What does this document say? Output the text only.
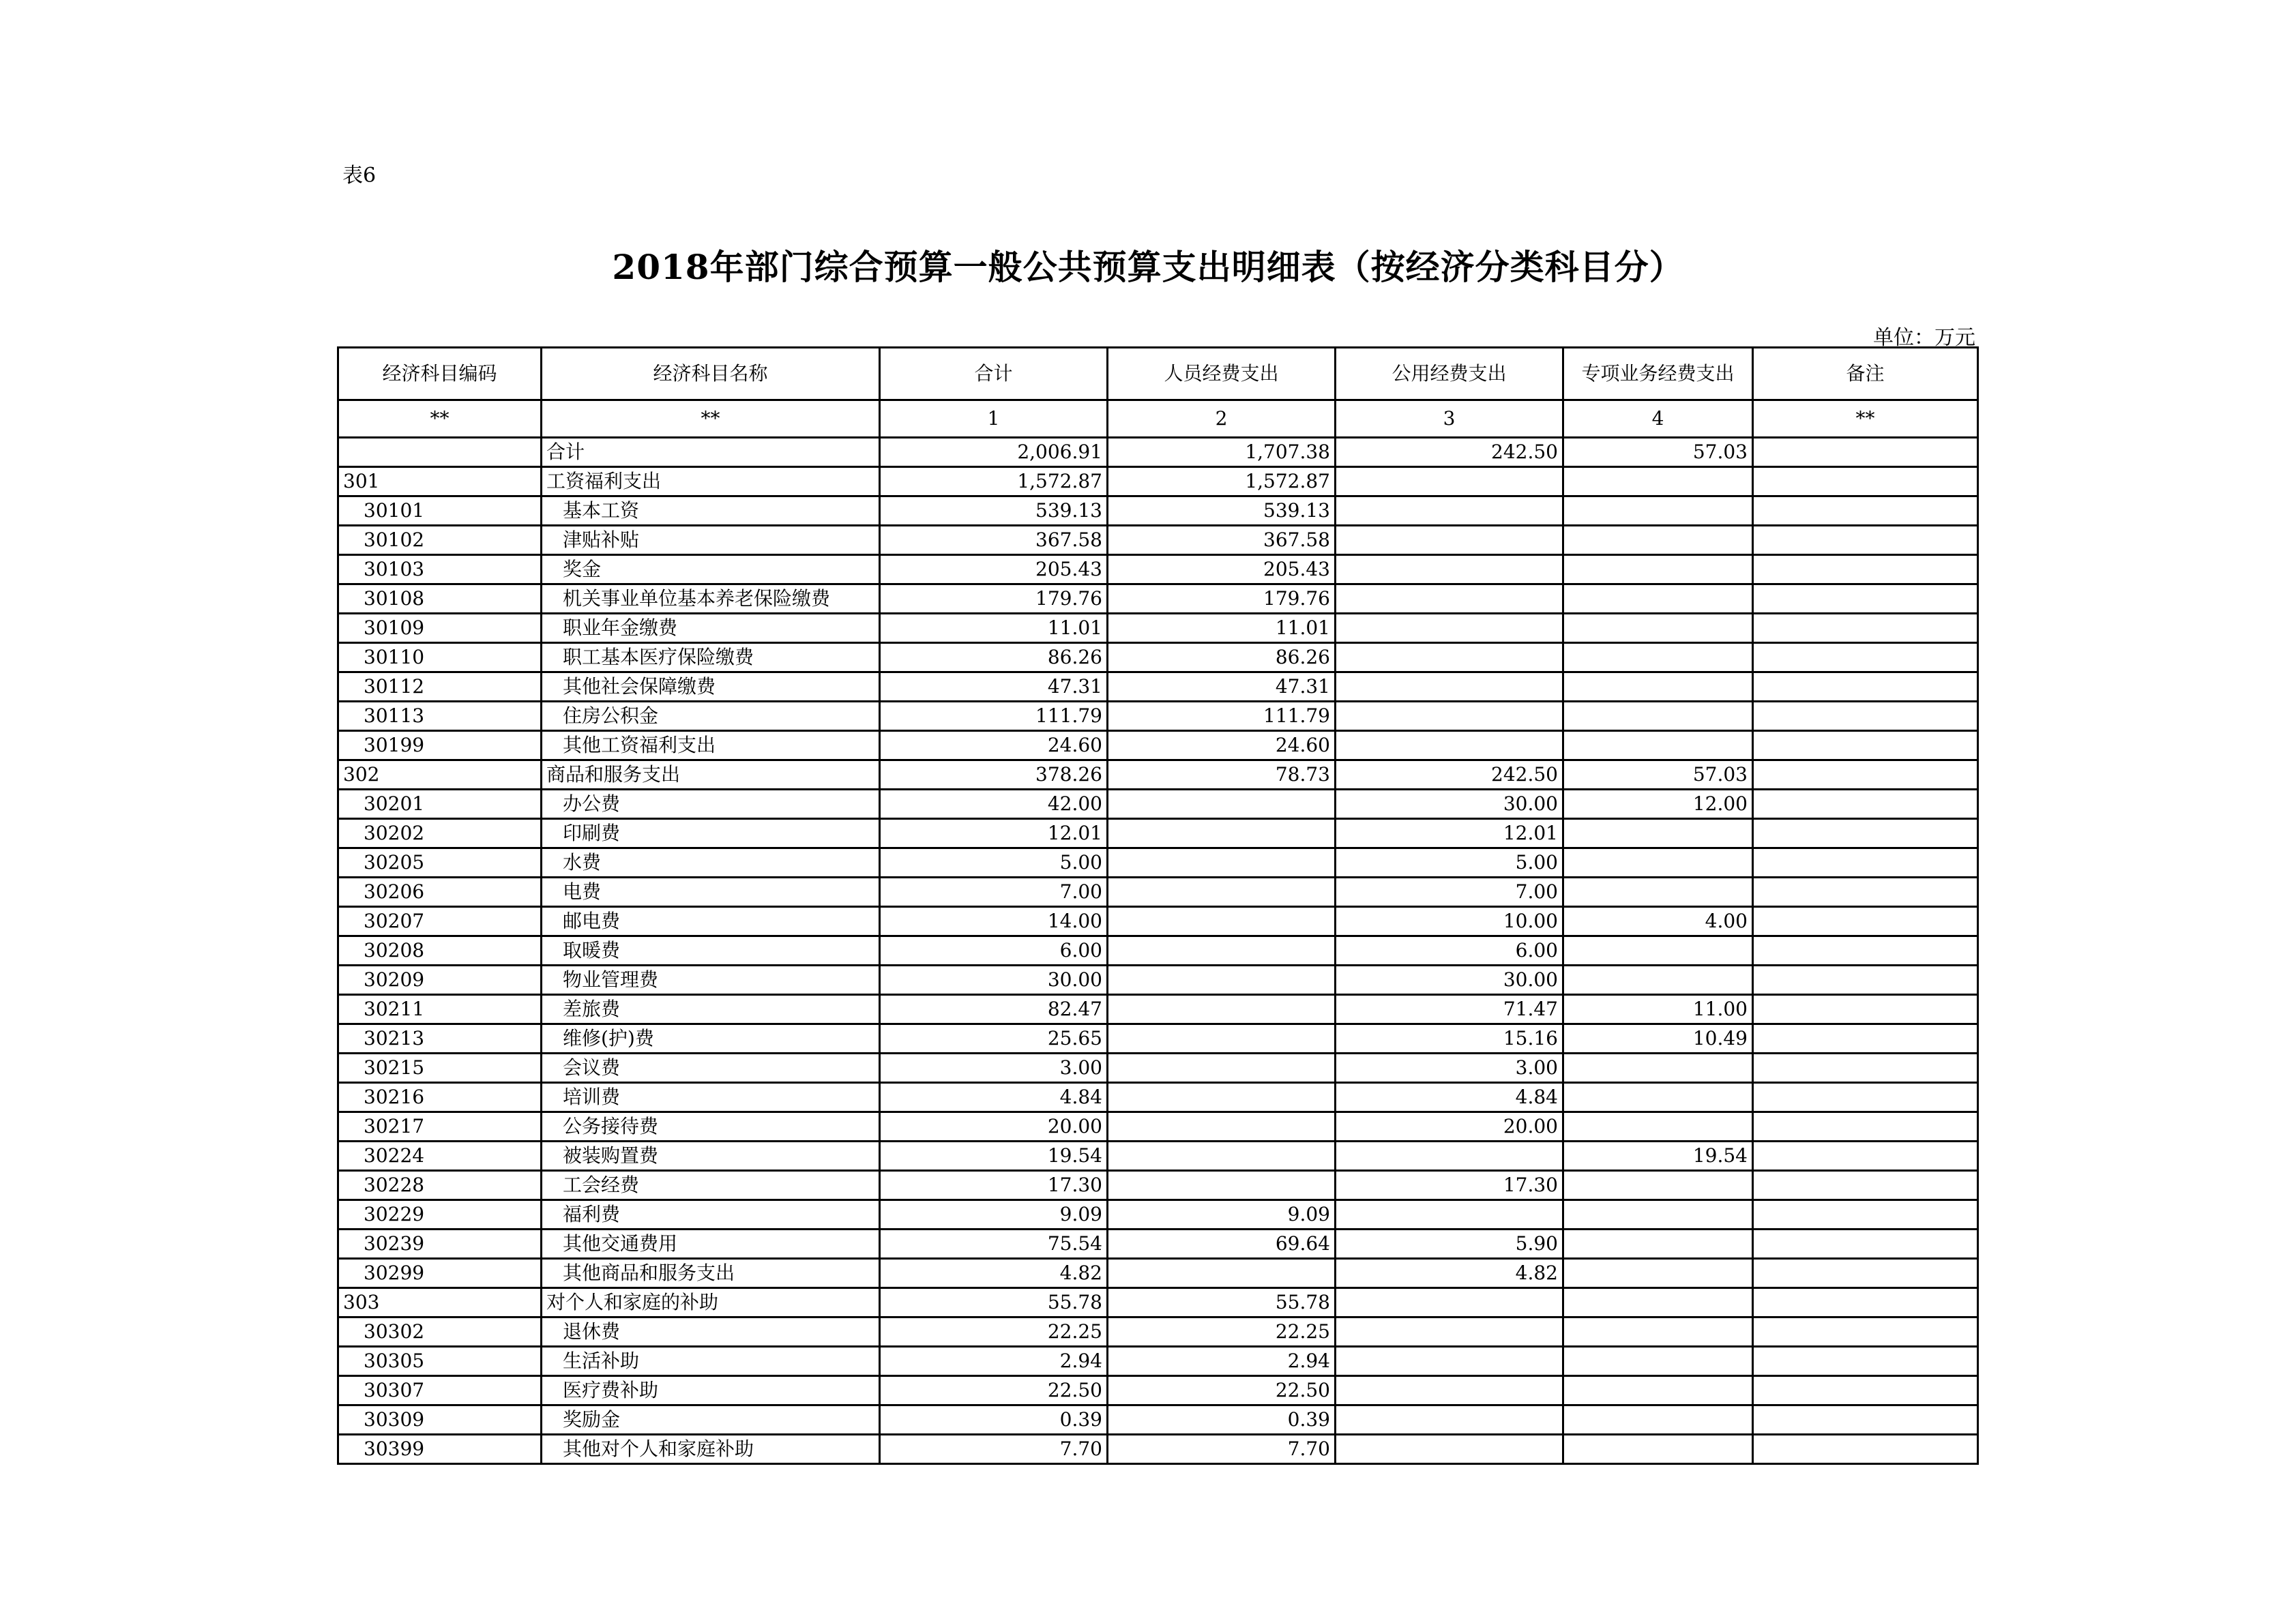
表6
2018年部门综合预算一般公共预算支出明细表（按经济分类科目分）
单位：万元
经济科目编码	经济科目名称	合计	人员经费支出	公用经费支出	专项业务经费支出	备注
**	**	1	2	3	4	**
	合计	2,006.91	1,707.38	242.50	57.03	
301	工资福利支出	1,572.87	1,572.87			
30101	基本工资	539.13	539.13			
30102	津贴补贴	367.58	367.58			
30103	奖金	205.43	205.43			
30108	机关事业单位基本养老保险缴费	179.76	179.76			
30109	职业年金缴费	11.01	11.01			
30110	职工基本医疗保险缴费	86.26	86.26			
30112	其他社会保障缴费	47.31	47.31			
30113	住房公积金	111.79	111.79			
30199	其他工资福利支出	24.60	24.60			
302	商品和服务支出	378.26	78.73	242.50	57.03	
30201	办公费	42.00		30.00	12.00	
30202	印刷费	12.01		12.01		
30205	水费	5.00		5.00		
30206	电费	7.00		7.00		
30207	邮电费	14.00		10.00	4.00	
30208	取暖费	6.00		6.00		
30209	物业管理费	30.00		30.00		
30211	差旅费	82.47		71.47	11.00	
30213	维修(护)费	25.65		15.16	10.49	
30215	会议费	3.00		3.00		
30216	培训费	4.84		4.84		
30217	公务接待费	20.00		20.00		
30224	被装购置费	19.54			19.54	
30228	工会经费	17.30		17.30		
30229	福利费	9.09	9.09			
30239	其他交通费用	75.54	69.64	5.90		
30299	其他商品和服务支出	4.82		4.82		
303	对个人和家庭的补助	55.78	55.78			
30302	退休费	22.25	22.25			
30305	生活补助	2.94	2.94			
30307	医疗费补助	22.50	22.50			
30309	奖励金	0.39	0.39			
30399	其他对个人和家庭补助	7.70	7.70			
